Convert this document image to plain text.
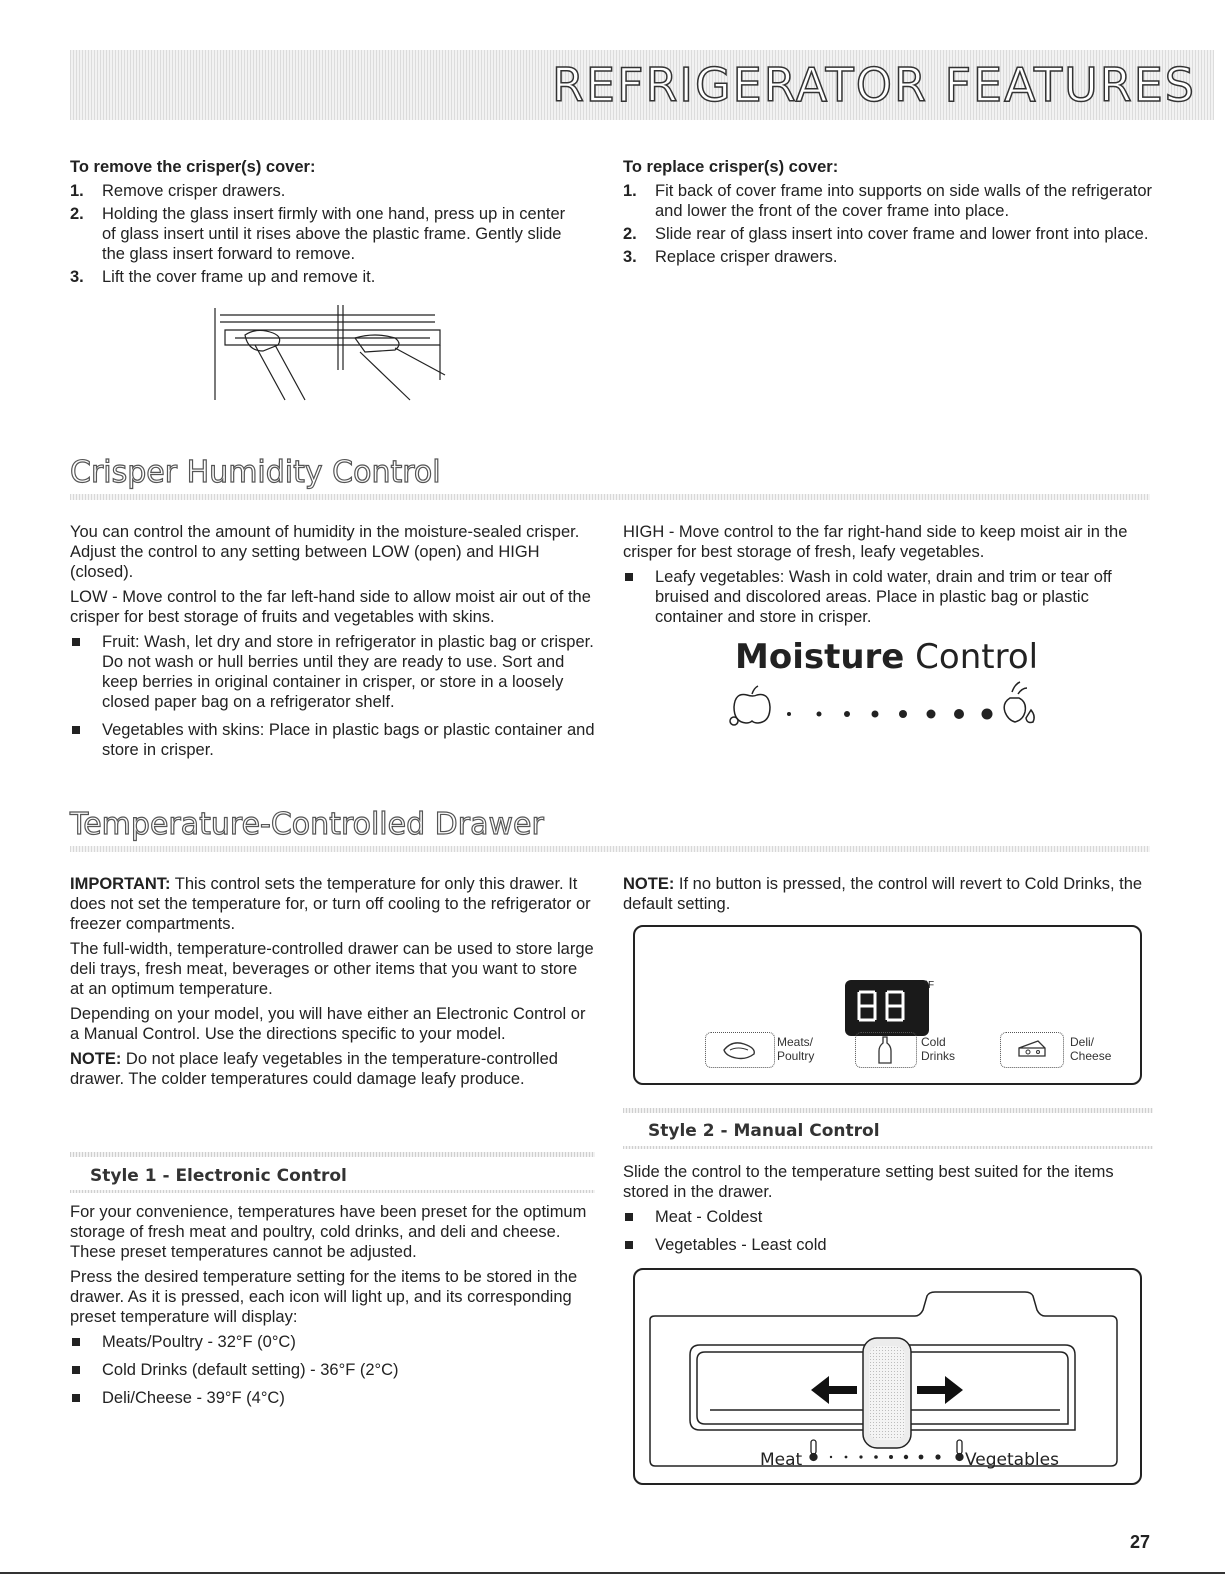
REFRIGERATOR FEATURES
To remove the crisper(s) cover:
1. Remove crisper drawers.
2. Holding the glass insert firmly with one hand, press up in center of glass insert until it rises above the plastic frame. Gently slide the glass insert forward to remove.
3. Lift the cover frame up and remove it.
To replace crisper(s) cover:
1. Fit back of cover frame into supports on side walls of the refrigerator and lower the front of the cover frame into place.
2. Slide rear of glass insert into cover frame and lower front into place.
3. Replace crisper drawers.
Crisper Humidity Control

You can control the amount of humidity in the moisture-sealed crisper. Adjust the control to any setting between LOW (open) and HIGH (closed).

LOW - Move control to the far left-hand side to allow moist air out of the crisper for best storage of fruits and vegetables with skins.

Fruit: Wash, let dry and store in refrigerator in plastic bag or crisper. Do not wash or hull berries until they are ready to use. Sort and keep berries in original container in crisper, or store in a loosely closed paper bag on a refrigerator shelf.
Vegetables with skins: Place in plastic bags or plastic container and store in crisper.

HIGH - Move control to the far right-hand side to keep moist air in the crisper for best storage of fresh, leafy vegetables.

Leafy vegetables: Wash in cold water, drain and trim or tear off bruised and discolored areas. Place in plastic bag or plastic container and store in crisper.
Moisture Control
Temperature-Controlled Drawer

IMPORTANT: This control sets the temperature for only this drawer. It does not set the temperature for, or turn off cooling to the refrigerator or freezer compartments.

The full-width, temperature-controlled drawer can be used to store large deli trays, fresh meat, beverages or other items that you want to store at an optimum temperature.

Depending on your model, you will have either an Electronic Control or a Manual Control. Use the directions specific to your model.

NOTE: Do not place leafy vegetables in the temperature-controlled drawer. The colder temperatures could damage leafy produce.

Style 1 - Electronic Control

For your convenience, temperatures have been preset for the optimum storage of fresh meat and poultry, cold drinks, and deli and cheese. These preset temperatures cannot be adjusted.

Press the desired temperature setting for the items to be stored in the drawer. As it is pressed, each icon will light up, and its corresponding preset temperature will display:

Meats/Poultry - 32°F (0°C)
Cold Drinks (default setting) - 36°F (2°C)
Deli/Cheese - 39°F (4°C)

NOTE: If no button is pressed, the control will revert to Cold Drinks, the default setting.

°F
Meats/
Poultry
Cold
Drinks
Deli/
Cheese
Style 2 - Manual Control

Slide the control to the temperature setting best suited for the items stored in the drawer.

Meat - Coldest
Vegetables - Least cold
Meat	Vegetables
27
